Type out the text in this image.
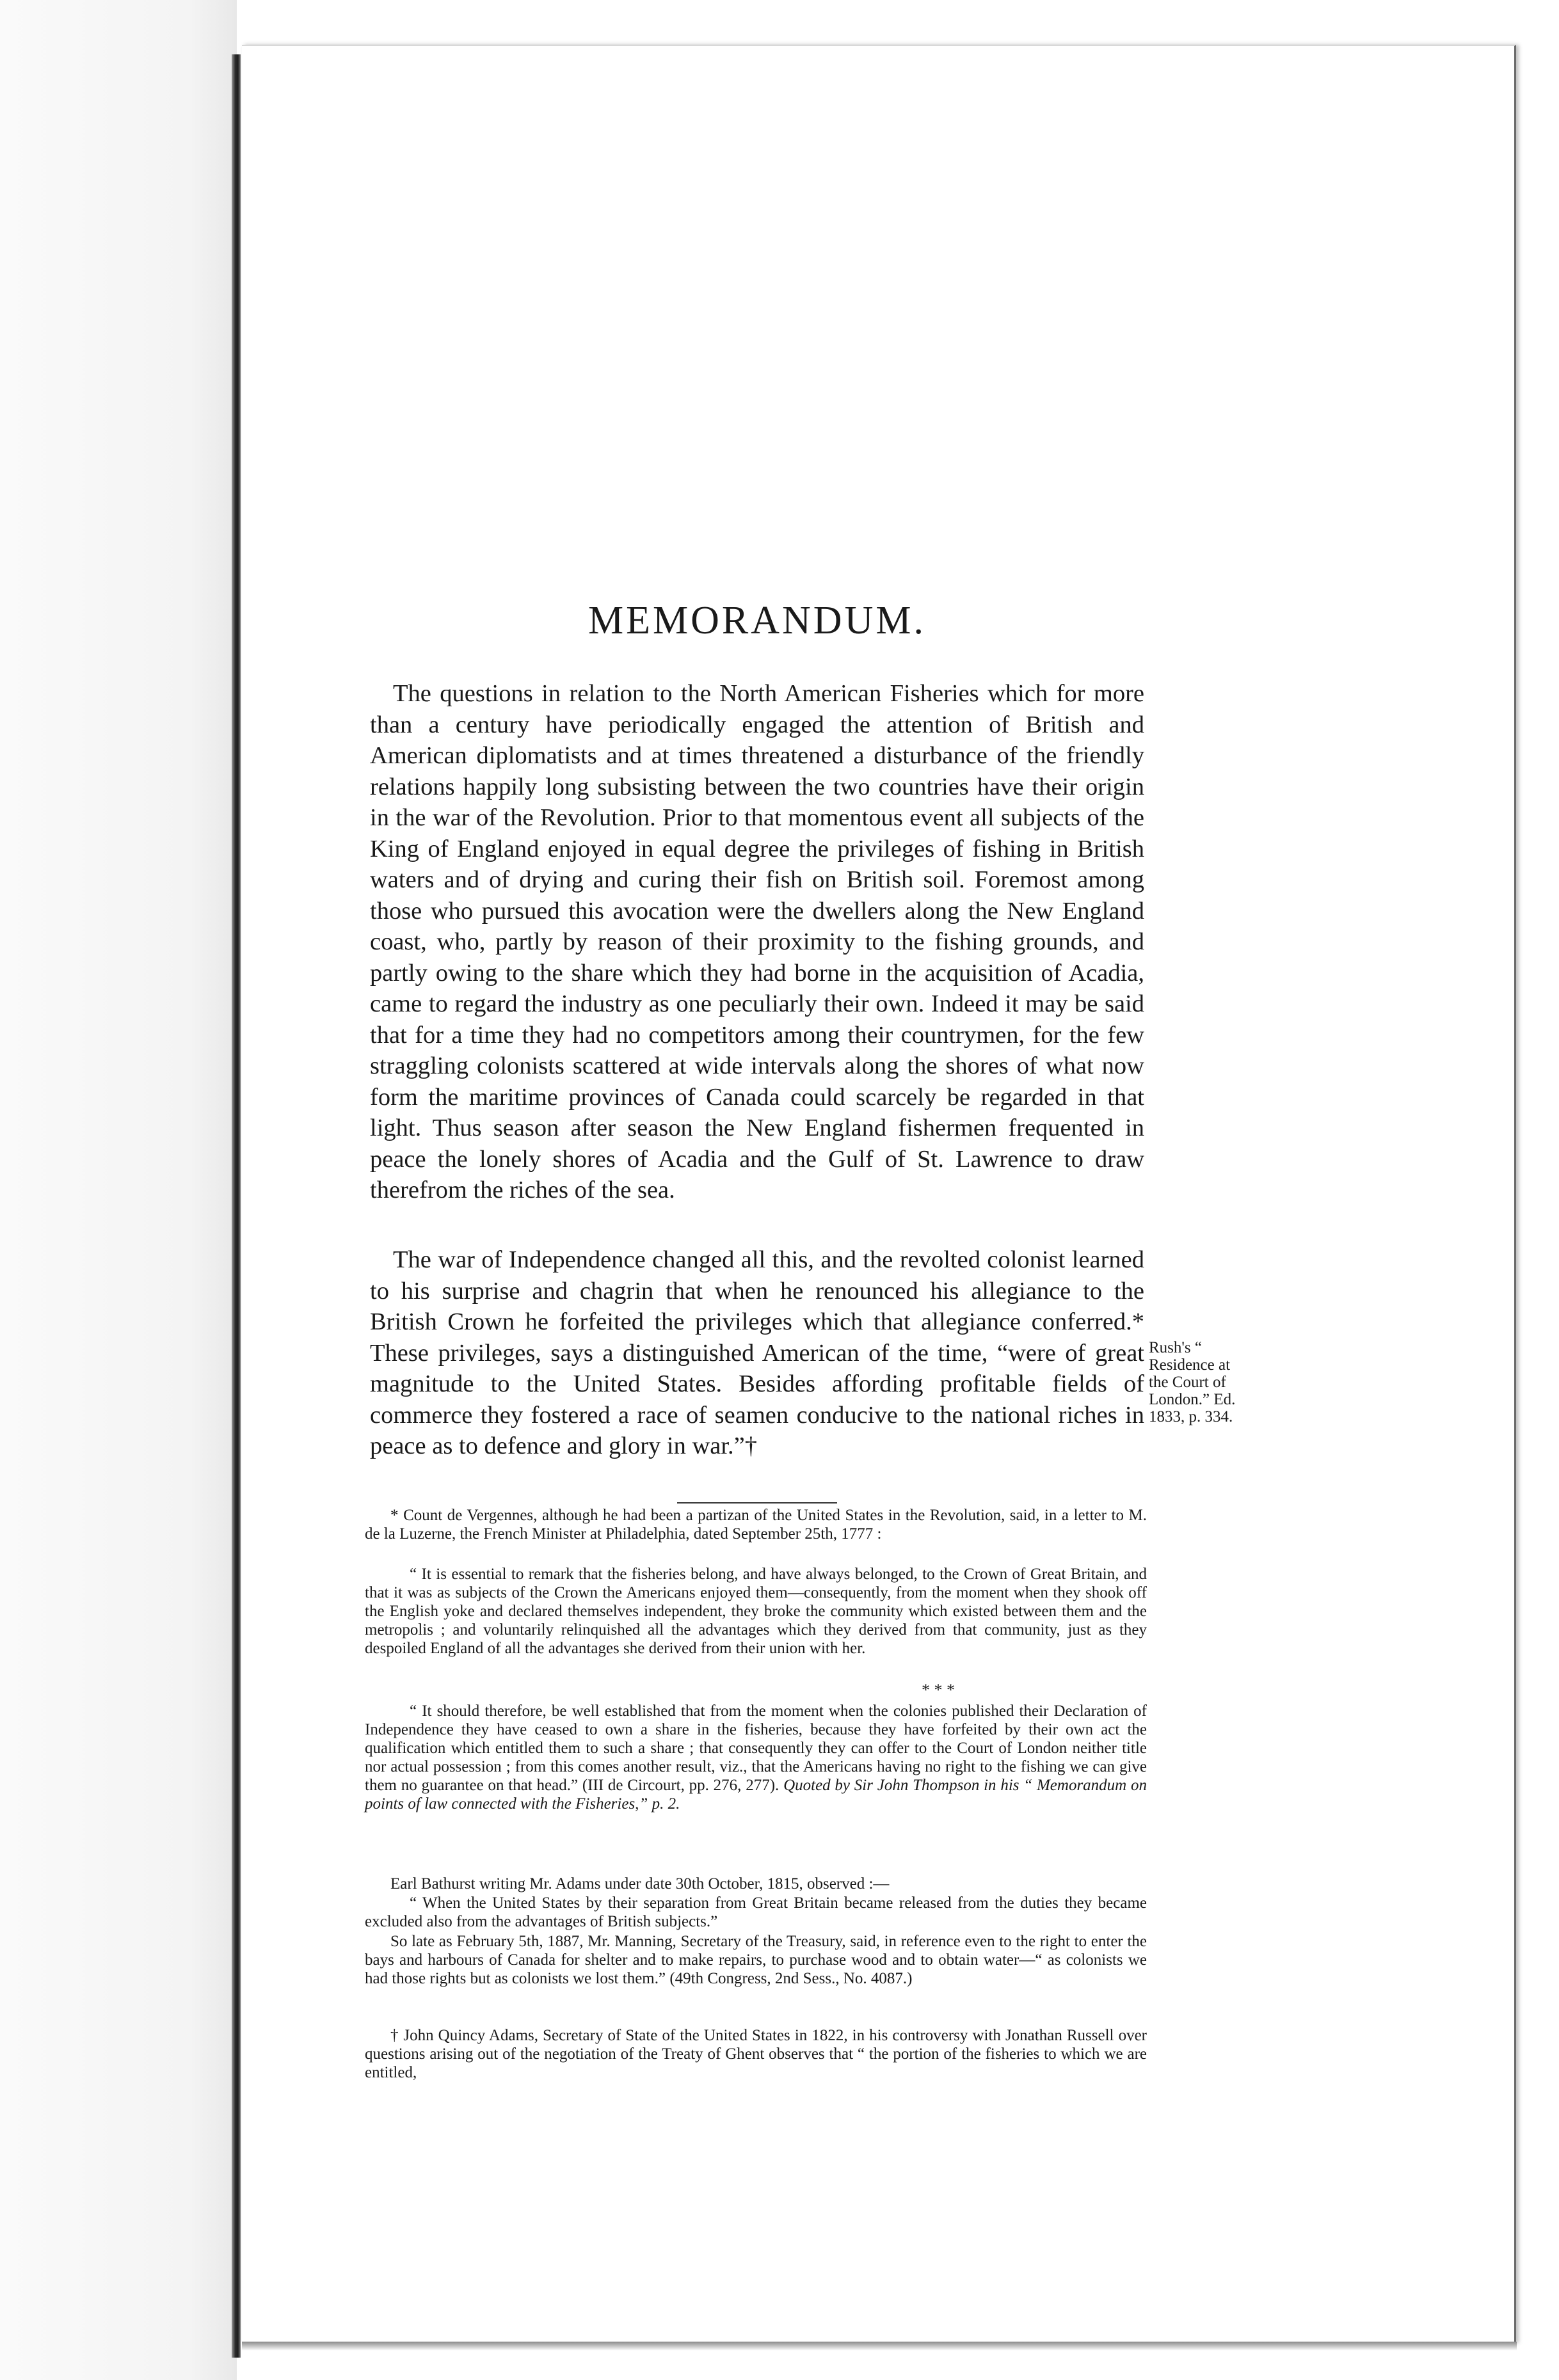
MEMORANDUM.

The questions in relation to the North American Fisheries which for more than a century have periodically engaged the attention of British and American diplomatists and at times threatened a disturbance of the friendly relations happily long subsisting between the two countries have their origin in the war of the Revolution. Prior to that momentous event all subjects of the King of England enjoyed in equal degree the privileges of fishing in British waters and of drying and curing their fish on British soil. Foremost among those who pursued this avocation were the dwellers along the New England coast, who, partly by reason of their proximity to the fishing grounds, and partly owing to the share which they had borne in the acquisition of Acadia, came to regard the industry as one peculiarly their own. Indeed it may be said that for a time they had no competitors among their countrymen, for the few straggling colonists scattered at wide intervals along the shores of what now form the maritime provinces of Canada could scarcely be regarded in that light. Thus season after season the New England fishermen frequented in peace the lonely shores of Acadia and the Gulf of St. Lawrence to draw therefrom the riches of the sea.

The war of Independence changed all this, and the revolted colonist learned to his surprise and chagrin that when he renounced his allegiance to the British Crown he forfeited the privileges which that allegiance conferred.* These privileges, says a distinguished American of the time, “were of great magnitude to the United States. Besides affording profitable fields of commerce they fostered a race of seamen conducive to the national riches in peace as to defence and glory in war.”†

Rush's “ Residence at the Court of London.” Ed. 1833, p. 334.

* Count de Vergennes, although he had been a partizan of the United States in the Revolution, said, in a letter to M. de la Luzerne, the French Minister at Philadelphia, dated September 25th, 1777 :

“ It is essential to remark that the fisheries belong, and have always belonged, to the Crown of Great Britain, and that it was as subjects of the Crown the Americans enjoyed them—consequently, from the moment when they shook off the English yoke and declared themselves independent, they broke the community which existed between them and the metropolis ; and voluntarily relinquished all the advantages which they derived from that community, just as they despoiled England of all the advantages she derived from their union with her.

* * *

“ It should therefore, be well established that from the moment when the colonies published their Declaration of Independence they have ceased to own a share in the fisheries, because they have forfeited by their own act the qualification which entitled them to such a share ; that consequently they can offer to the Court of London neither title nor actual possession ; from this comes another result, viz., that the Americans having no right to the fishing we can give them no guarantee on that head.” (III de Circourt, pp. 276, 277). Quoted by Sir John Thompson in his “ Memorandum on points of law connected with the Fisheries,” p. 2.

Earl Bathurst writing Mr. Adams under date 30th October, 1815, observed :—

“ When the United States by their separation from Great Britain became released from the duties they became excluded also from the advantages of British subjects.”

So late as February 5th, 1887, Mr. Manning, Secretary of the Treasury, said, in reference even to the right to enter the bays and harbours of Canada for shelter and to make repairs, to purchase wood and to obtain water—“ as colonists we had those rights but as colonists we lost them.” (49th Congress, 2nd Sess., No. 4087.)

† John Quincy Adams, Secretary of State of the United States in 1822, in his controversy with Jonathan Russell over questions arising out of the negotiation of the Treaty of Ghent observes that “ the portion of the fisheries to which we are entitled,
